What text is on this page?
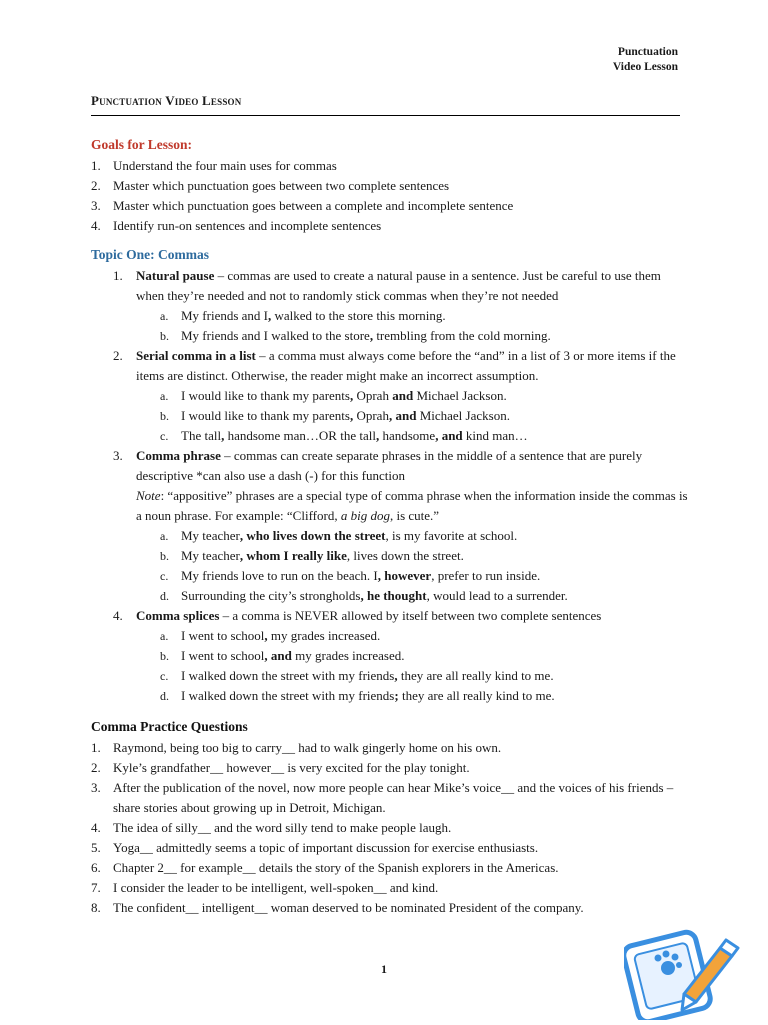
Punctuation
Video Lesson
Punctuation Video Lesson
Goals for Lesson:
1. Understand the four main uses for commas
2. Master which punctuation goes between two complete sentences
3. Master which punctuation goes between a complete and incomplete sentence
4. Identify run-on sentences and incomplete sentences
Topic One: Commas
1. Natural pause – commas are used to create a natural pause in a sentence. Just be careful to use them when they’re needed and not to randomly stick commas when they’re not needed
a. My friends and I, walked to the store this morning.
b. My friends and I walked to the store, trembling from the cold morning.
2. Serial comma in a list – a comma must always come before the “and” in a list of 3 or more items if the items are distinct. Otherwise, the reader might make an incorrect assumption.
a. I would like to thank my parents, Oprah and Michael Jackson.
b. I would like to thank my parents, Oprah, and Michael Jackson.
c. The tall, handsome man…OR the tall, handsome, and kind man…
3. Comma phrase – commas can create separate phrases in the middle of a sentence that are purely descriptive *can also use a dash (-) for this function
Note: “appositive” phrases are a special type of comma phrase when the information inside the commas is a noun phrase. For example: “Clifford, a big dog, is cute.”
a. My teacher, who lives down the street, is my favorite at school.
b. My teacher, whom I really like, lives down the street.
c. My friends love to run on the beach. I, however, prefer to run inside.
d. Surrounding the city’s strongholds, he thought, would lead to a surrender.
4. Comma splices – a comma is NEVER allowed by itself between two complete sentences
a. I went to school, my grades increased.
b. I went to school, and my grades increased.
c. I walked down the street with my friends, they are all really kind to me.
d. I walked down the street with my friends; they are all really kind to me.
Comma Practice Questions
1. Raymond, being too big to carry__ had to walk gingerly home on his own.
2. Kyle’s grandfather__ however__ is very excited for the play tonight.
3. After the publication of the novel, now more people can hear Mike’s voice__ and the voices of his friends – share stories about growing up in Detroit, Michigan.
4. The idea of silly__ and the word silly tend to make people laugh.
5. Yoga__ admittedly seems a topic of important discussion for exercise enthusiasts.
6. Chapter 2__ for example__ details the story of the Spanish explorers in the Americas.
7. I consider the leader to be intelligent, well-spoken__ and kind.
8. The confident__ intelligent__ woman deserved to be nominated President of the company.
1
